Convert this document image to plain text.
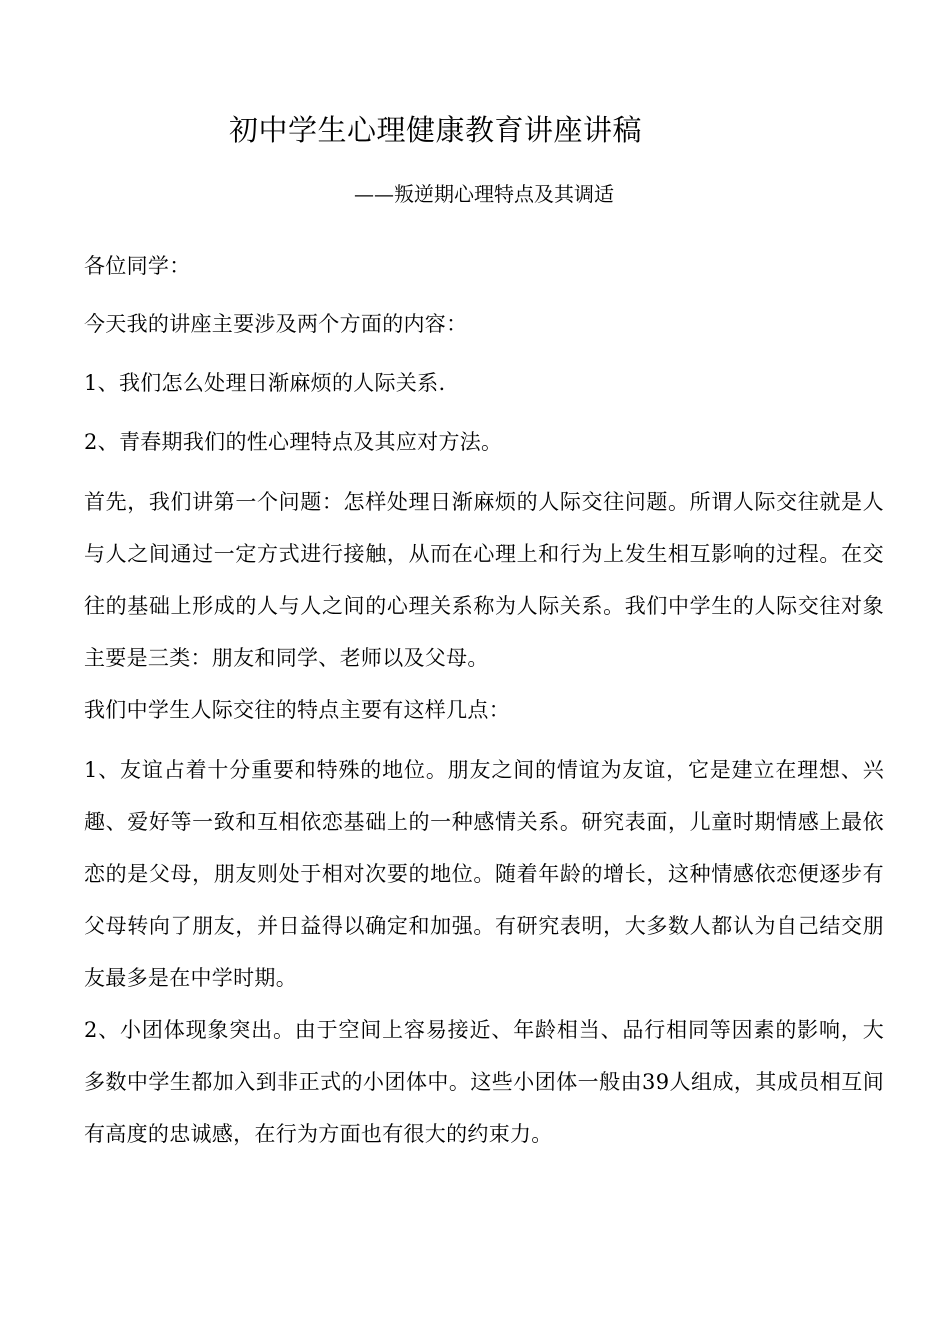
初中学生心理健康教育讲座讲稿
——叛逆期心理特点及其调适

各位同学：

今天我的讲座主要涉及两个方面的内容：

1、我们怎么处理日渐麻烦的人际关系.

2、青春期我们的性心理特点及其应对方法。

首先，我们讲第一个问题：怎样处理日渐麻烦的人际交往问题。所谓人际交往就是人与人之间通过一定方式进行接触，从而在心理上和行为上发生相互影响的过程。在交往的基础上形成的人与人之间的心理关系称为人际关系。我们中学生的人际交往对象主要是三类：朋友和同学、老师以及父母。

我们中学生人际交往的特点主要有这样几点：

1、友谊占着十分重要和特殊的地位。朋友之间的情谊为友谊，它是建立在理想、兴趣、爱好等一致和互相依恋基础上的一种感情关系。研究表面，儿童时期情感上最依恋的是父母，朋友则处于相对次要的地位。随着年龄的增长，这种情感依恋便逐步有父母转向了朋友，并日益得以确定和加强。有研究表明，大多数人都认为自己结交朋友最多是在中学时期。

2、小团体现象突出。由于空间上容易接近、年龄相当、品行相同等因素的影响，大多数中学生都加入到非正式的小团体中。这些小团体一般由39人组成，其成员相互间有高度的忠诚感，在行为方面也有很大的约束力。
